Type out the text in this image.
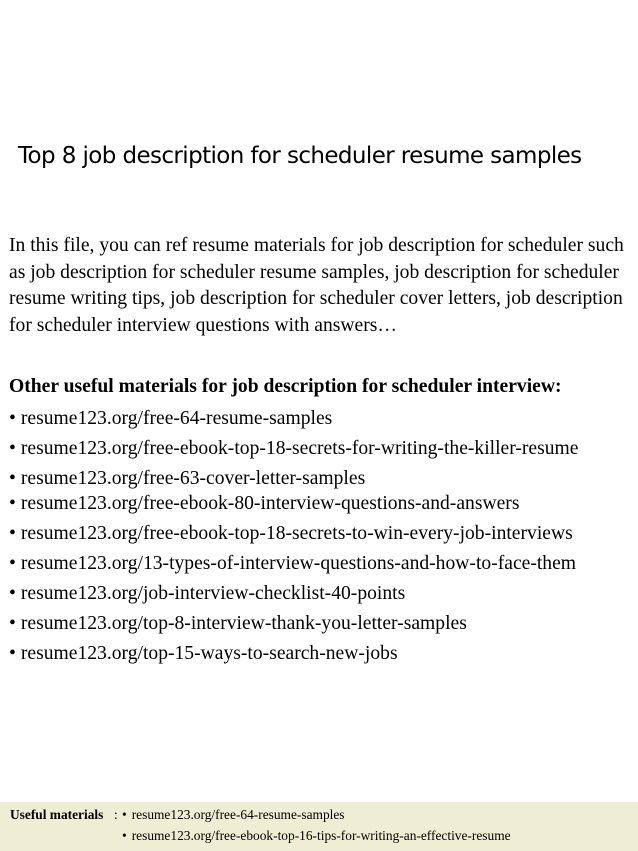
Top 8 job description for scheduler resume samples

In this file, you can ref resume materials for job description for scheduler such as job description for scheduler resume samples, job description for scheduler resume writing tips, job description for scheduler cover letters, job description for scheduler interview questions with answers…

Other useful materials for job description for scheduler interview:

• resume123.org/free-64-resume-samples
• resume123.org/free-ebook-top-18-secrets-for-writing-the-killer-resume
• resume123.org/free-63-cover-letter-samples
• resume123.org/free-ebook-80-interview-questions-and-answers
• resume123.org/free-ebook-top-18-secrets-to-win-every-job-interviews
• resume123.org/13-types-of-interview-questions-and-how-to-face-them
• resume123.org/job-interview-checklist-40-points
• resume123.org/top-8-interview-thank-you-letter-samples
• resume123.org/top-15-ways-to-search-new-jobs
Useful materials : • resume123.org/free-64-resume-samples
• resume123.org/free-ebook-top-16-tips-for-writing-an-effective-resume
